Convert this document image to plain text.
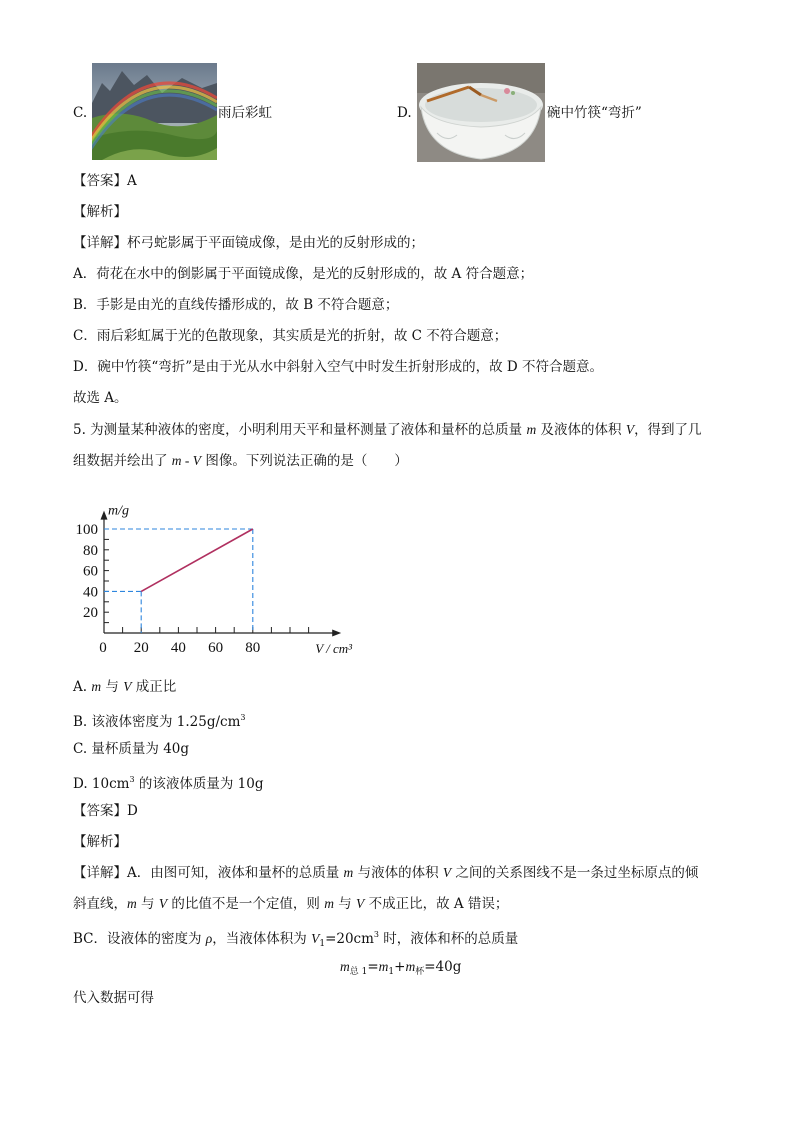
C.	雨后彩虹	D.	碗中竹筷“弯折”
【答案】A
【解析】
【详解】杯弓蛇影属于平面镜成像，是由光的反射形成的；
A．荷花在水中的倒影属于平面镜成像，是光的反射形成的，故 A 符合题意；
B．手影是由光的直线传播形成的，故 B 不符合题意；
C．雨后彩虹属于光的色散现象，其实质是光的折射，故 C 不符合题意；
D．碗中竹筷“弯折”是由于光从水中斜射入空气中时发生折射形成的，故 D 不符合题意。
故选 A。
5. 为测量某种液体的密度，小明利用天平和量杯测量了液体和量杯的总质量 m 及液体的体积 V，得到了几
组数据并绘出了 m - V 图像。下列说法正确的是（　　）
0 20 40 60 80
20
40
60
80
100
m/g
V / cm³
A. m 与 V 成正比
B. 该液体密度为 $1.25g/cm^3$
C. 量杯质量为 40g
D. $10cm^3$ 的该液体质量为 10g
【答案】D
【解析】
【详解】A．由图可知，液体和量杯的总质量 m 与液体的体积 V 之间的关系图线不是一条过坐标原点的倾
斜直线，m 与 V 的比值不是一个定值，则 m 与 V 不成正比，故 A 错误；
BC．设液体的密度为 ρ，当液体体积为 $V_1=20cm^3$ 时，液体和杯的总质量
$m_{总 1}=m_1+m_杯=40g$
代入数据可得
